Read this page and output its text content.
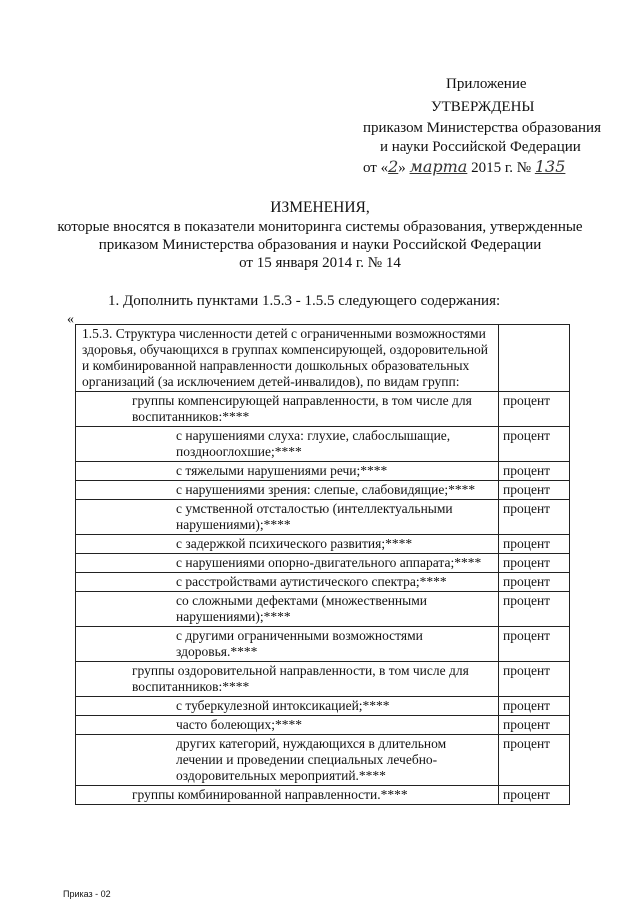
Приложение
УТВЕРЖДЕНЫ
приказом Министерства образования
и науки Российской Федерации
от «2» марта 2015 г. № 135
ИЗМЕНЕНИЯ,
которые вносятся в показатели мониторинга системы образования, утвержденные
приказом Министерства образования и науки Российской Федерации
от 15 января 2014 г. № 14
1. Дополнить пунктами 1.5.3 - 1.5.5 следующего содержания:
«
1.5.3. Структура численности детей с ограниченными возможностями здоровья, обучающихся в группах компенсирующей, оздоровительной и комбинированной направленности дошкольных образовательных организаций (за исключением детей-инвалидов), по видам групп:	
группы компенсирующей направленности, в том числе для воспитанников:****	процент
с нарушениями слуха: глухие, слабослышащие, позднооглохшие;****	процент
с тяжелыми нарушениями речи;****	процент
с нарушениями зрения: слепые, слабовидящие;****	процент
с умственной отсталостью (интеллектуальными нарушениями);****	процент
с задержкой психического развития;****	процент
с нарушениями опорно-двигательного аппарата;****	процент
с расстройствами аутистического спектра;****	процент
со сложными дефектами (множественными нарушениями);****	процент
с другими ограниченными возможностями здоровья.****	процент
группы оздоровительной направленности, в том числе для воспитанников:****	процент
с туберкулезной интоксикацией;****	процент
часто болеющих;****	процент
других категорий, нуждающихся в длительном лечении и проведении специальных лечебно-оздоровительных мероприятий.****	процент
группы комбинированной направленности.****	процент
Приказ - 02
